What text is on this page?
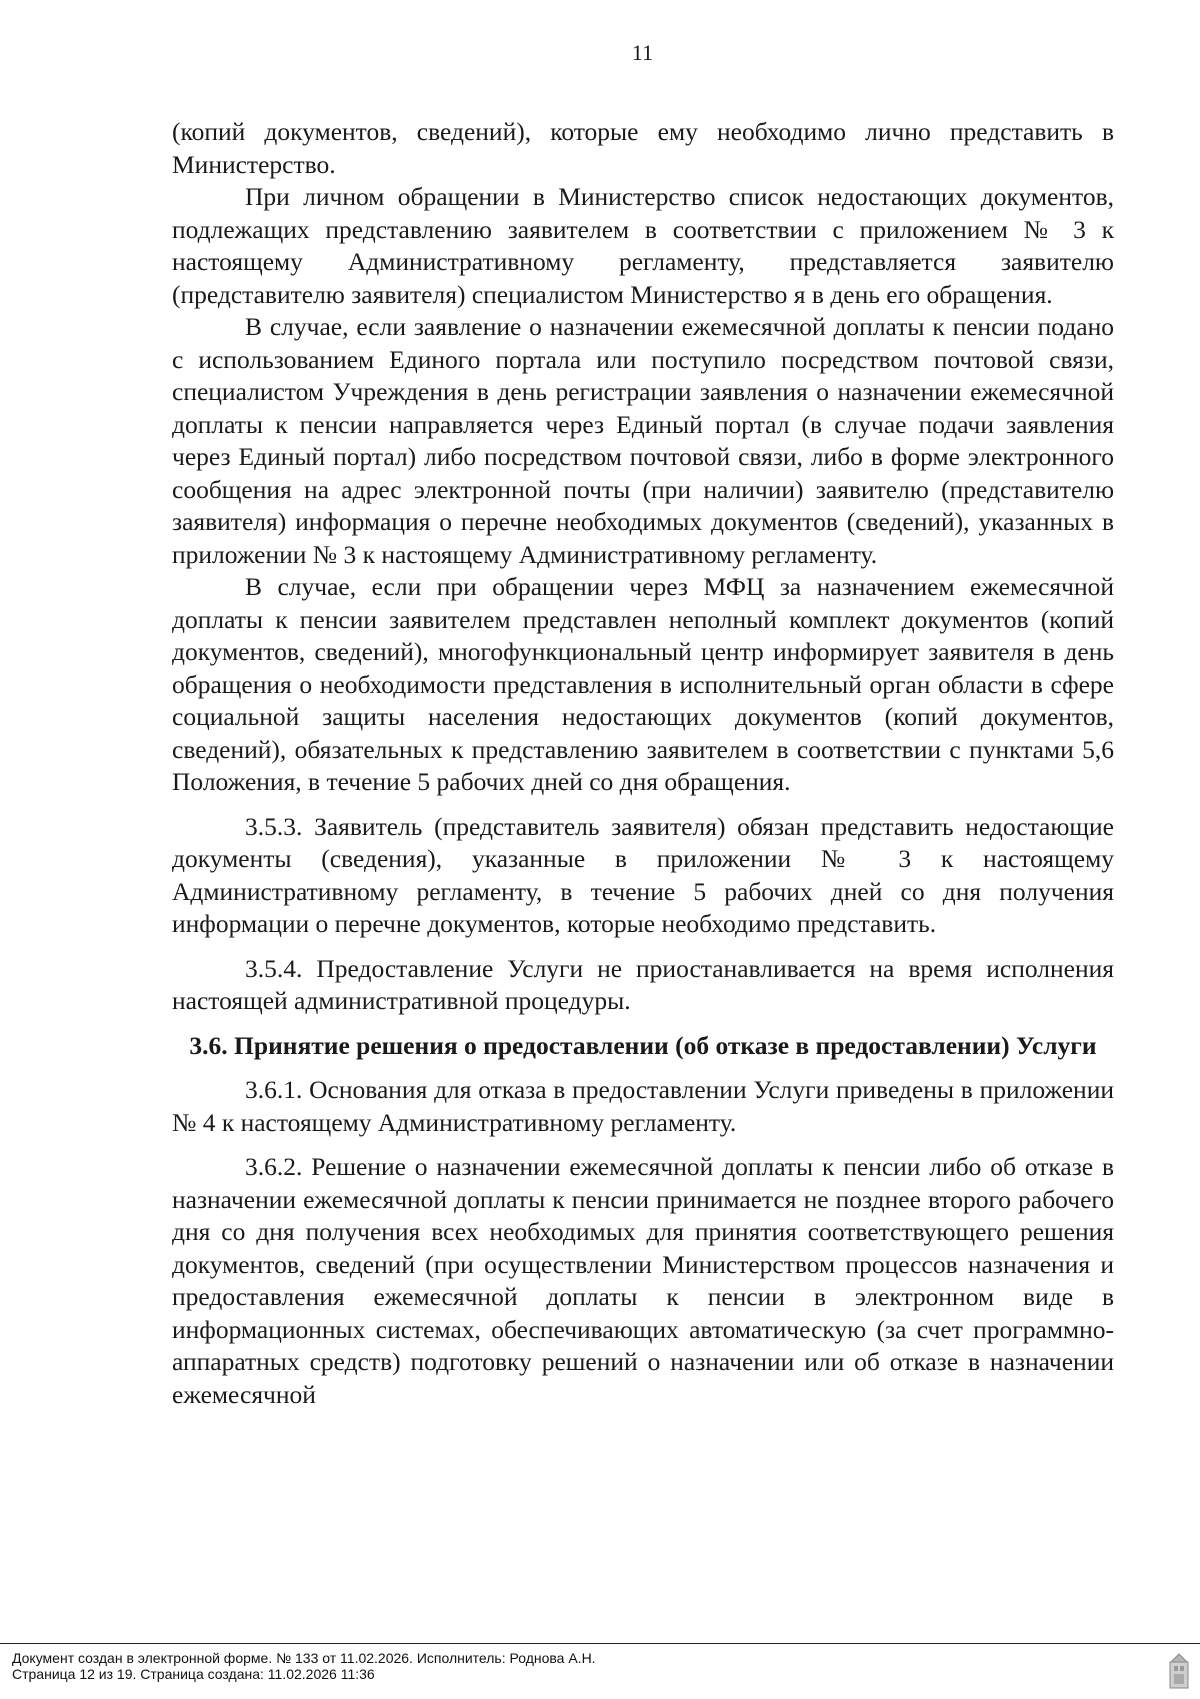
11

(копий документов, сведений), которые ему необходимо лично представить в Министерство.

При личном обращении в Министерство список недостающих документов, подлежащих представлению заявителем в соответствии с приложением № 3 к настоящему Административному регламенту, представляется заявителю (представителю заявителя) специалистом Министерство я в день его обращения.

В случае, если заявление о назначении ежемесячной доплаты к пенсии подано с использованием Единого портала или поступило посредством почтовой связи, специалистом Учреждения в день регистрации заявления о назначении ежемесячной доплаты к пенсии направляется через Единый портал (в случае подачи заявления через Единый портал) либо посредством почтовой связи, либо в форме электронного сообщения на адрес электронной почты (при наличии) заявителю (представителю заявителя) информация о перечне необходимых документов (сведений), указанных в приложении № 3 к настоящему Административному регламенту.

В случае, если при обращении через МФЦ за назначением ежемесячной доплаты к пенсии заявителем представлен неполный комплект документов (копий документов, сведений), многофункциональный центр информирует заявителя в день обращения о необходимости представления в исполнительный орган области в сфере социальной защиты населения недостающих документов (копий документов, сведений), обязательных к представлению заявителем в соответствии с пунктами 5,6 Положения, в течение 5 рабочих дней со дня обращения.

3.5.3. Заявитель (представитель заявителя) обязан представить недостающие документы (сведения), указанные в приложении № 3 к настоящему Административному регламенту, в течение 5 рабочих дней со дня получения информации о перечне документов, которые необходимо представить.

3.5.4. Предоставление Услуги не приостанавливается на время исполнения настоящей административной процедуры.

3.6. Принятие решения о предоставлении (об отказе в предоставлении) Услуги

3.6.1. Основания для отказа в предоставлении Услуги приведены в приложении № 4 к настоящему Административному регламенту.

3.6.2. Решение о назначении ежемесячной доплаты к пенсии либо об отказе в назначении ежемесячной доплаты к пенсии принимается не позднее второго рабочего дня со дня получения всех необходимых для принятия соответствующего решения документов, сведений (при осуществлении Министерством процессов назначения и предоставления ежемесячной доплаты к пенсии в электронном виде в информационных системах, обеспечивающих автоматическую (за счет программно-аппаратных средств) подготовку решений о назначении или об отказе в назначении ежемесячной

Документ создан в электронной форме. № 133 от 11.02.2026. Исполнитель: Роднова А.Н.
Страница 12 из 19. Страница создана: 11.02.2026 11:36
